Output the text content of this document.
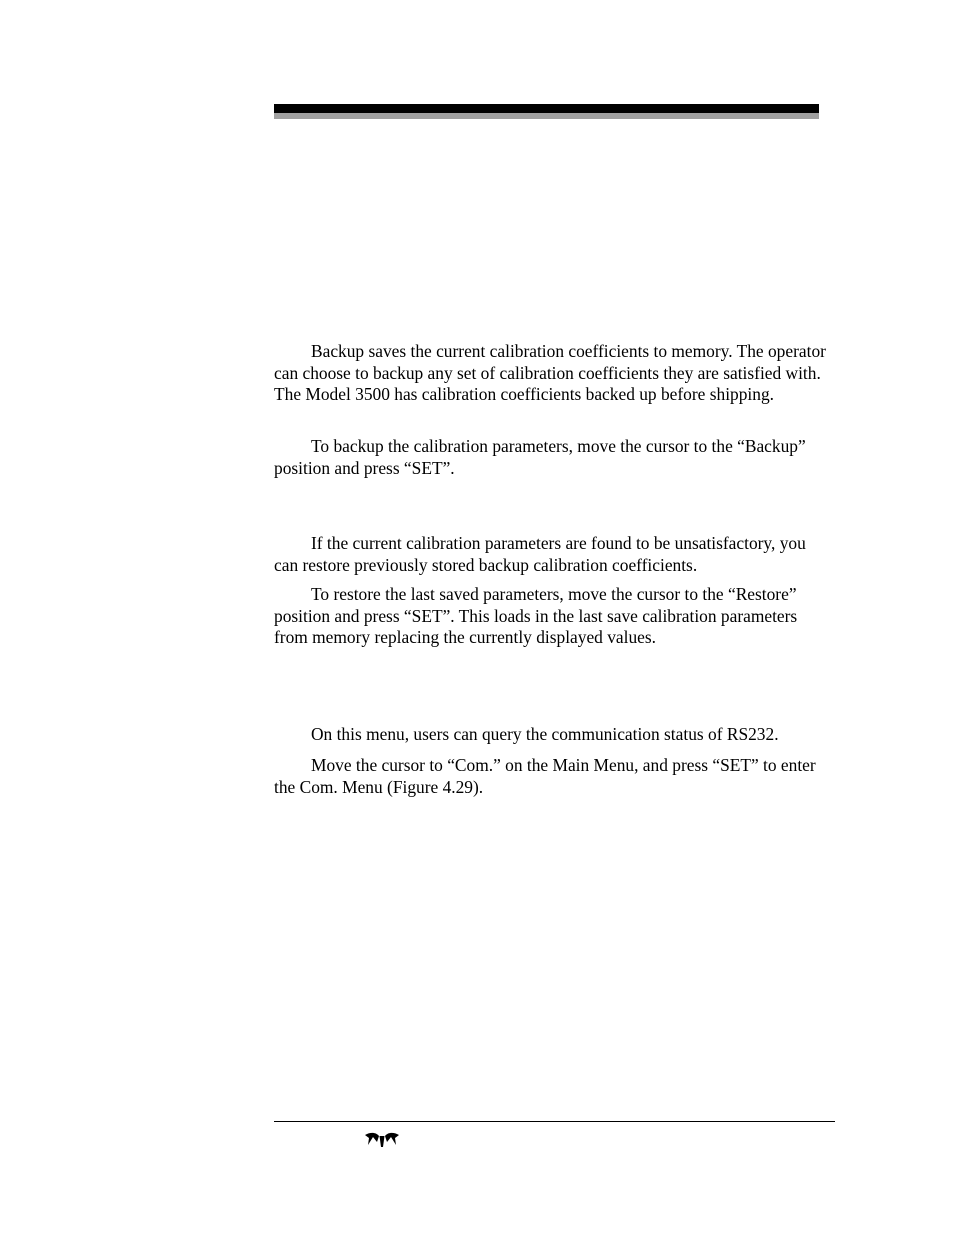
Backup saves the current calibration coefficients to memory. The operator can choose to backup any set of calibration coefficients they are satisfied with. The Model 3500 has calibration coefficients backed up before shipping.

To backup the calibration parameters, move the cursor to the “Backup” position and press “SET”.

If the current calibration parameters are found to be unsatisfactory, you can restore previously stored backup calibration coefficients.

To restore the last saved parameters, move the cursor to the “Restore” position and press “SET”. This loads in the last save calibration parameters from memory replacing the currently displayed values.

On this menu, users can query the communication status of RS232.

Move the cursor to “Com.” on the Main Menu, and press “SET” to enter the Com. Menu (Figure 4.29).
